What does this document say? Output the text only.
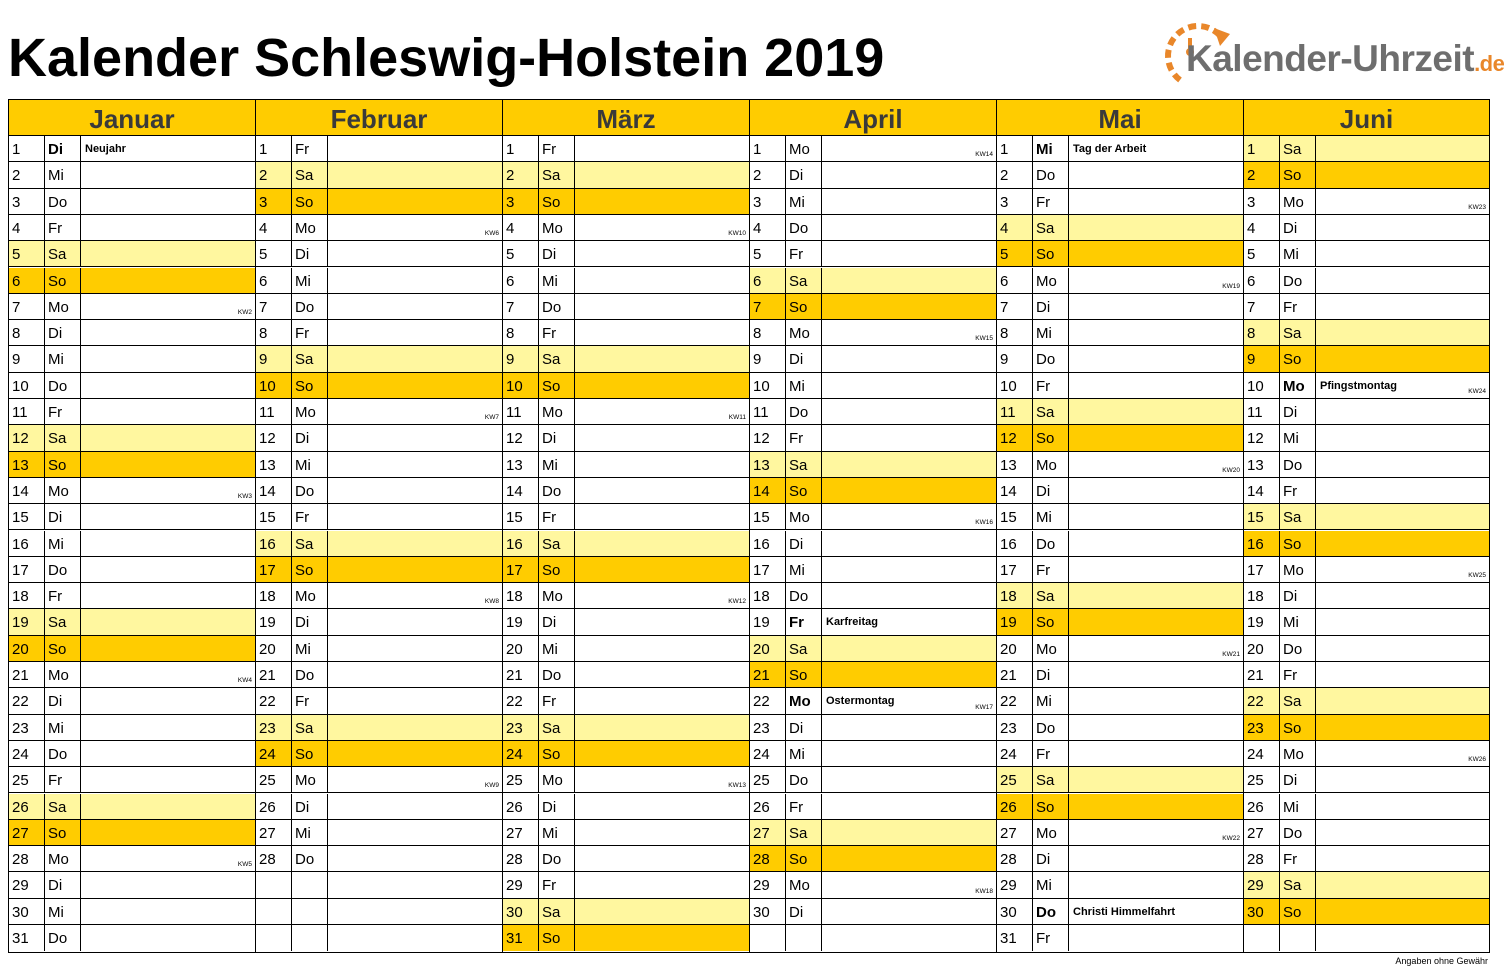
Kalender Schleswig-Holstein 2019	Kalender-Uhrzeit.de
Januar
1	Di	Neujahr
2	Mi
3	Do
4	Fr
5	Sa
6	So
7	Mo	KW2
8	Di
9	Mi
10	Do
11	Fr
12	Sa
13	So
14	Mo	KW3
15	Di
16	Mi
17	Do
18	Fr
19	Sa
20	So
21	Mo	KW4
22	Di
23	Mi
24	Do
25	Fr
26	Sa
27	So
28	Mo	KW5
29	Di
30	Mi
31	Do
Februar
1	Fr
2	Sa
3	So
4	Mo	KW6
5	Di
6	Mi
7	Do
8	Fr
9	Sa
10	So
11	Mo	KW7
12	Di
13	Mi
14	Do
15	Fr
16	Sa
17	So
18	Mo	KW8
19	Di
20	Mi
21	Do
22	Fr
23	Sa
24	So
25	Mo	KW9
26	Di
27	Mi
28	Do
März
1	Fr
2	Sa
3	So
4	Mo	KW10
5	Di
6	Mi
7	Do
8	Fr
9	Sa
10	So
11	Mo	KW11
12	Di
13	Mi
14	Do
15	Fr
16	Sa
17	So
18	Mo	KW12
19	Di
20	Mi
21	Do
22	Fr
23	Sa
24	So
25	Mo	KW13
26	Di
27	Mi
28	Do
29	Fr
30	Sa
31	So
April
1	Mo	KW14
2	Di
3	Mi
4	Do
5	Fr
6	Sa
7	So
8	Mo	KW15
9	Di
10	Mi
11	Do
12	Fr
13	Sa
14	So
15	Mo	KW16
16	Di
17	Mi
18	Do
19	Fr	Karfreitag
20	Sa
21	So
22	Mo	Ostermontag	KW17
23	Di
24	Mi
25	Do
26	Fr
27	Sa
28	So
29	Mo	KW18
30	Di
Mai
1	Mi	Tag der Arbeit
2	Do
3	Fr
4	Sa
5	So
6	Mo	KW19
7	Di
8	Mi
9	Do
10	Fr
11	Sa
12	So
13	Mo	KW20
14	Di
15	Mi
16	Do
17	Fr
18	Sa
19	So
20	Mo	KW21
21	Di
22	Mi
23	Do
24	Fr
25	Sa
26	So
27	Mo	KW22
28	Di
29	Mi
30	Do	Christi Himmelfahrt
31	Fr
Juni
1	Sa
2	So
3	Mo	KW23
4	Di
5	Mi
6	Do
7	Fr
8	Sa
9	So
10	Mo	Pfingstmontag	KW24
11	Di
12	Mi
13	Do
14	Fr
15	Sa
16	So
17	Mo	KW25
18	Di
19	Mi
20	Do
21	Fr
22	Sa
23	So
24	Mo	KW26
25	Di
26	Mi
27	Do
28	Fr
29	Sa
30	So
Angaben ohne Gewähr
